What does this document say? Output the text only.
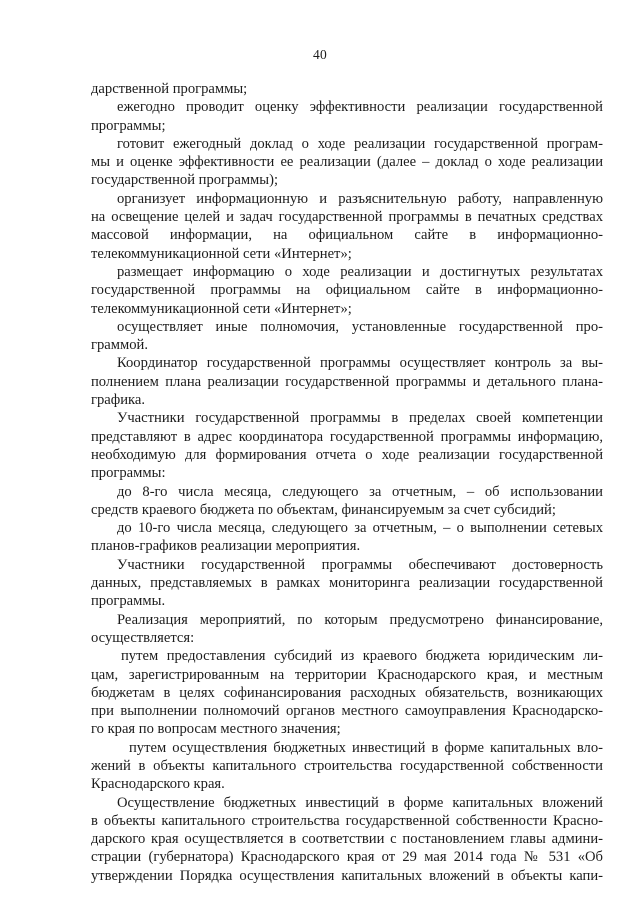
40
дарственной программы;
ежегодно проводит оценку эффективности реализации государственной
программы;
готовит ежегодный доклад о ходе реализации государственной програм-
мы и оценке эффективности ее реализации (далее – доклад о ходе реализации
государственной программы);
организует информационную и разъяснительную работу, направленную
на освещение целей и задач государственной программы в печатных средствах
массовой информации, на официальном сайте в информационно-
телекоммуникационной сети «Интернет»;
размещает информацию о ходе реализации и достигнутых результатах
государственной программы на официальном сайте в информационно-
телекоммуникационной сети «Интернет»;
осуществляет иные полномочия, установленные государственной про-
граммой.
Координатор государственной программы осуществляет контроль за вы-
полнением плана реализации государственной программы и детального плана-
графика.
Участники государственной программы в пределах своей компетенции
представляют в адрес координатора государственной программы информацию,
необходимую для формирования отчета о ходе реализации государственной
программы:
до 8-го числа месяца, следующего за отчетным, – об использовании
средств краевого бюджета по объектам, финансируемым за счет субсидий;
до 10-го числа месяца, следующего за отчетным, – о выполнении сетевых
планов-графиков реализации мероприятия.
Участники государственной программы обеспечивают достоверность
данных, представляемых в рамках мониторинга реализации государственной
программы.
Реализация мероприятий, по которым предусмотрено финансирование,
осуществляется:
путем предоставления субсидий из краевого бюджета юридическим ли-
цам, зарегистрированным на территории Краснодарского края, и местным
бюджетам в целях софинансирования расходных обязательств, возникающих
при выполнении полномочий органов местного самоуправления Краснодарско-
го края по вопросам местного значения;
путем осуществления бюджетных инвестиций в форме капитальных вло-
жений в объекты капитального строительства государственной собственности
Краснодарского края.
Осуществление бюджетных инвестиций в форме капитальных вложений
в объекты капитального строительства государственной собственности Красно-
дарского края осуществляется в соответствии с постановлением главы админи-
страции (губернатора) Краснодарского края от 29 мая 2014 года № 531 «Об
утверждении Порядка осуществления капитальных вложений в объекты капи-
